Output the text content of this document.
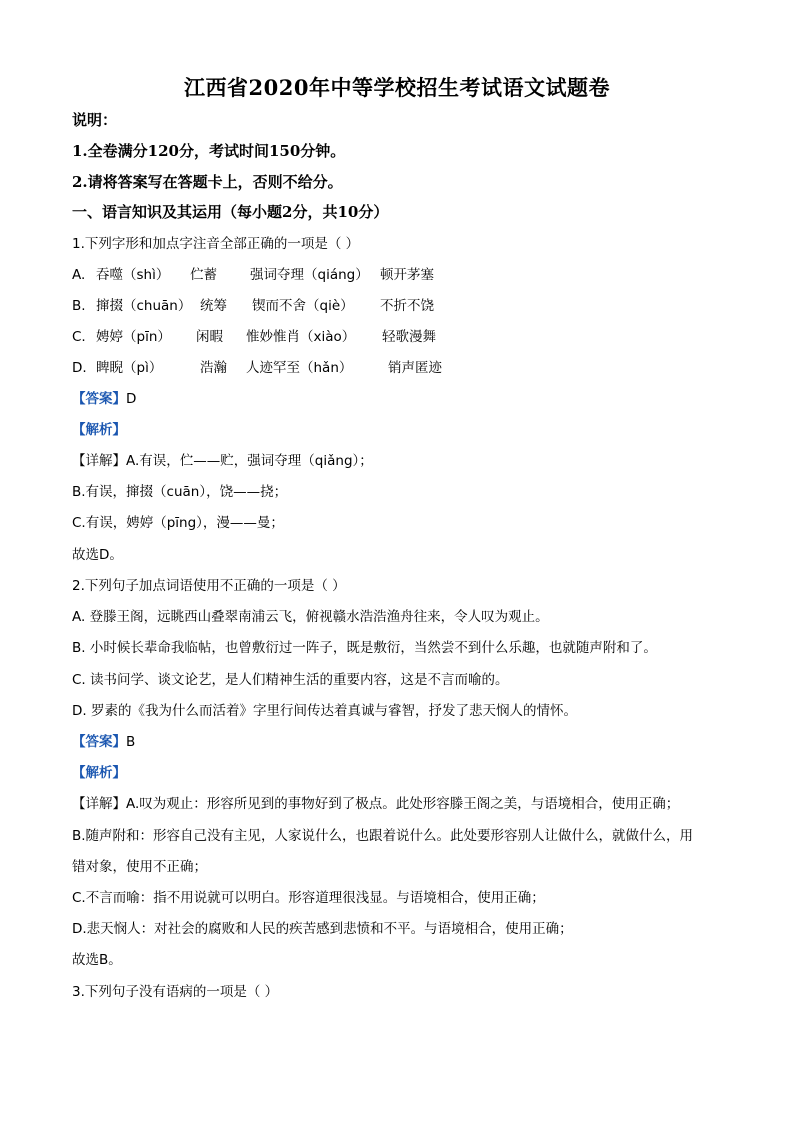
江西省2020年中等学校招生考试语文试题卷
说明：
1.全卷满分120分，考试时间150分钟。
2.请将答案写在答题卡上，否则不给分。
一、语言知识及其运用（每小题2分，共10分）
1.下列字形和加点字注音全部正确的一项是（ ）
A. 吞噬（shì） 伫蓄 强词夺理（qiáng） 顿开茅塞
B. 撺掇（chuān） 统筹 锲而不舍（qiè） 不折不饶
C. 娉婷（pīn） 闲暇 惟妙惟肖（xiào） 轻歌漫舞
D. 睥睨（pì）	浩瀚 人迹罕至（hǎn）	销声匿迹
【答案】D
【解析】
【详解】A.有误，伫——贮，强词夺理（qiǎng）；
B.有误，撺掇（cuān），饶——挠；
C.有误，娉婷（pīng），漫——曼；
故选D。
2.下列句子加点词语使用不正确的一项是（ ）
A. 登滕王阁，远眺西山叠翠南浦云飞，俯视赣水浩浩渔舟往来，令人叹为观止。
B. 小时候长辈命我临帖，也曾敷衍过一阵子，既是敷衍，当然尝不到什么乐趣，也就随声附和了。
C. 读书问学、谈文论艺，是人们精神生活的重要内容，这是不言而喻的。
D. 罗素的《我为什么而活着》字里行间传达着真诚与睿智，抒发了悲天悯人的情怀。
【答案】B
【解析】
【详解】A.叹为观止：形容所见到的事物好到了极点。此处形容滕王阁之美，与语境相合，使用正确；
B.随声附和：形容自己没有主见，人家说什么，也跟着说什么。此处要形容别人让做什么，就做什么，用
错对象，使用不正确；
C.不言而喻：指不用说就可以明白。形容道理很浅显。与语境相合，使用正确；
D.悲天悯人：对社会的腐败和人民的疾苦感到悲愤和不平。与语境相合，使用正确；
故选B。
3.下列句子没有语病的一项是（ ）
